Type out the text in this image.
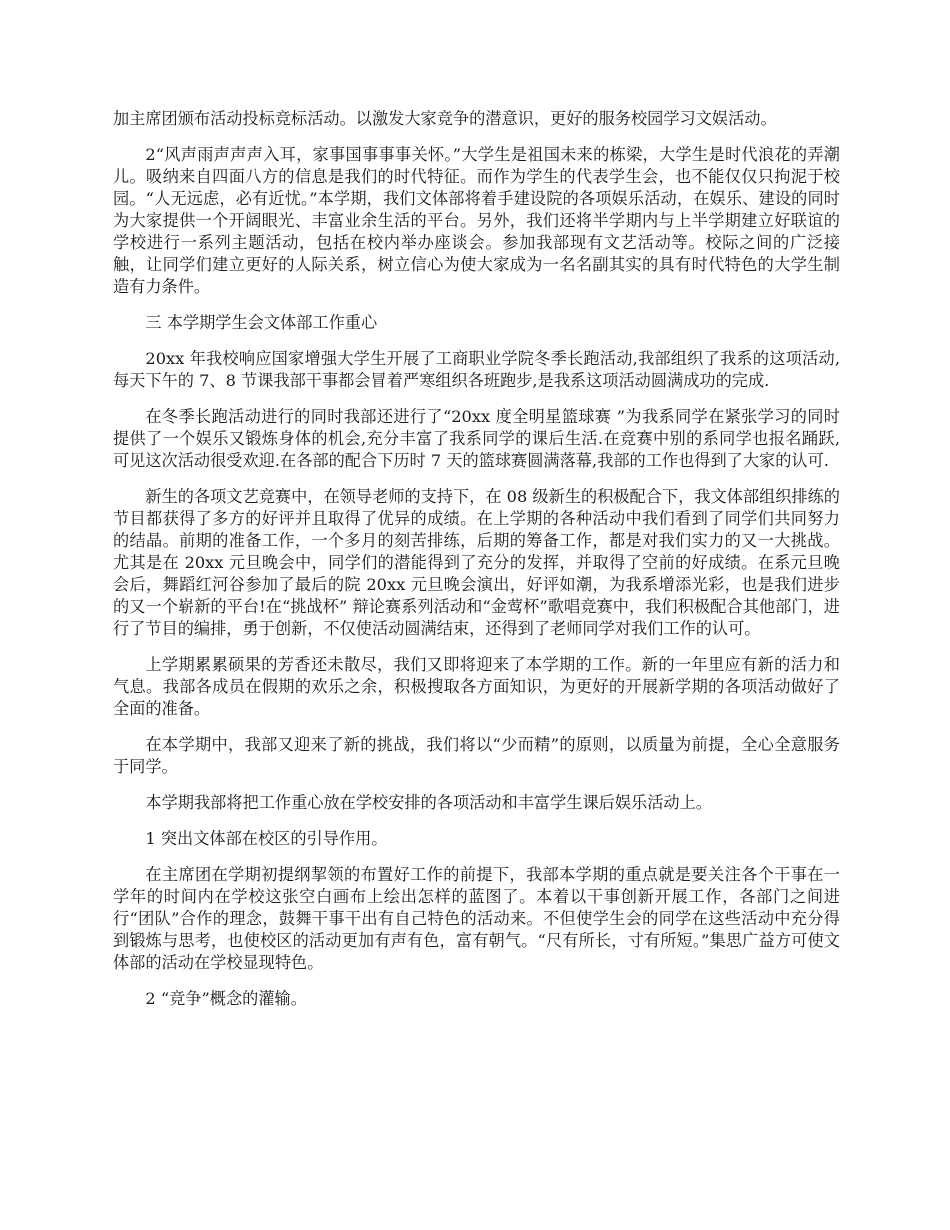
加主席团颁布活动投标竞标活动。以激发大家竞争的潜意识，更好的服务校园学习文娱活动。

2“风声雨声声声入耳，家事国事事事关怀。”大学生是祖国未来的栋梁，大学生是时代浪花的弄潮儿。吸纳来自四面八方的信息是我们的时代特征。而作为学生的代表学生会，也不能仅仅只拘泥于校园。“人无远虑，必有近忧。”本学期，我们文体部将着手建设院的各项娱乐活动，在娱乐、建设的同时为大家提供一个开阔眼光、丰富业余生活的平台。另外，我们还将半学期内与上半学期建立好联谊的学校进行一系列主题活动，包括在校内举办座谈会。参加我部现有文艺活动等。校际之间的广泛接触，让同学们建立更好的人际关系，树立信心为使大家成为一名名副其实的具有时代特色的大学生制造有力条件。

三 本学期学生会文体部工作重心

20xx 年我校响应国家增强大学生开展了工商职业学院冬季长跑活动,我部组织了我系的这项活动,每天下午的 7、8 节课我部干事都会冒着严寒组织各班跑步,是我系这项活动圆满成功的完成.

在冬季长跑活动进行的同时我部还进行了“20xx 度全明星篮球赛 ”为我系同学在紧张学习的同时提供了一个娱乐又锻炼身体的机会,充分丰富了我系同学的课后生活.在竞赛中别的系同学也报名踊跃,可见这次活动很受欢迎.在各部的配合下历时 7 天的篮球赛圆满落幕,我部的工作也得到了大家的认可.

新生的各项文艺竞赛中，在领导老师的支持下，在 08 级新生的积极配合下，我文体部组织排练的节目都获得了多方的好评并且取得了优异的成绩。在上学期的各种活动中我们看到了同学们共同努力的结晶。前期的准备工作，一个多月的刻苦排练，后期的筹备工作，都是对我们实力的又一大挑战。尤其是在 20xx 元旦晚会中，同学们的潜能得到了充分的发挥，并取得了空前的好成绩。在系元旦晚会后，舞蹈红河谷参加了最后的院 20xx 元旦晚会演出，好评如潮，为我系增添光彩，也是我们进步的又一个崭新的平台!在“挑战杯” 辩论赛系列活动和“金莺杯”歌唱竞赛中，我们积极配合其他部门，进行了节目的编排，勇于创新，不仅使活动圆满结束，还得到了老师同学对我们工作的认可。

上学期累累硕果的芳香还未散尽，我们又即将迎来了本学期的工作。新的一年里应有新的活力和气息。我部各成员在假期的欢乐之余，积极搜取各方面知识，为更好的开展新学期的各项活动做好了全面的准备。

在本学期中，我部又迎来了新的挑战，我们将以“少而精”的原则，以质量为前提，全心全意服务于同学。

本学期我部将把工作重心放在学校安排的各项活动和丰富学生课后娱乐活动上。

1 突出文体部在校区的引导作用。

在主席团在学期初提纲挈领的布置好工作的前提下，我部本学期的重点就是要关注各个干事在一学年的时间内在学校这张空白画布上绘出怎样的蓝图了。本着以干事创新开展工作，各部门之间进行“团队”合作的理念，鼓舞干事干出有自己特色的活动来。不但使学生会的同学在这些活动中充分得到锻炼与思考，也使校区的活动更加有声有色，富有朝气。“尺有所长，寸有所短。”集思广益方可使文体部的活动在学校显现特色。

2 “竞争”概念的灌输。
